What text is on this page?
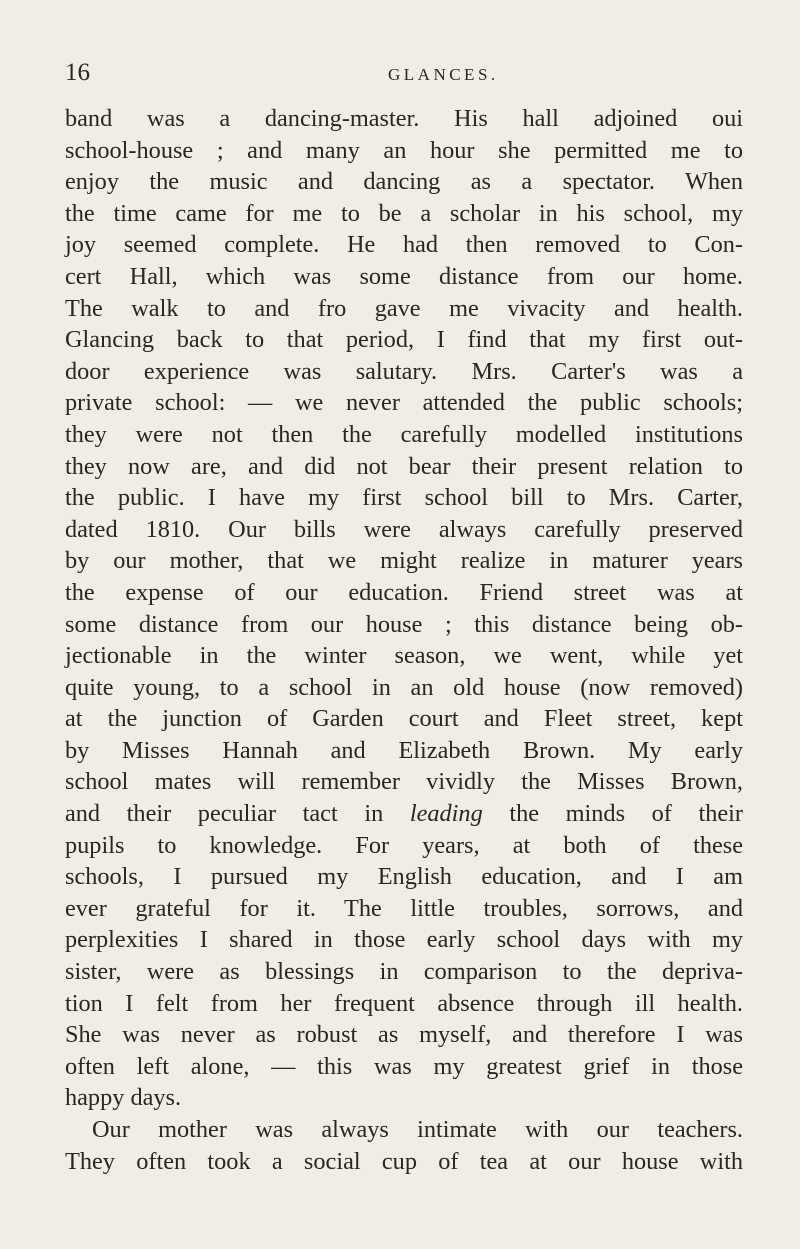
16	GLANCES.
band was a dancing-master. His hall adjoined oui
school-house ; and many an hour she permitted me to
enjoy the music and dancing as a spectator. When
the time came for me to be a scholar in his school, my
joy seemed complete. He had then removed to Con-
cert Hall, which was some distance from our home.
The walk to and fro gave me vivacity and health.
Glancing back to that period, I find that my first out-
door experience was salutary. Mrs. Carter's was a
private school: — we never attended the public schools;
they were not then the carefully modelled institutions
they now are, and did not bear their present relation to
the public. I have my first school bill to Mrs. Carter,
dated 1810. Our bills were always carefully preserved
by our mother, that we might realize in maturer years
the expense of our education. Friend street was at
some distance from our house ; this distance being ob-
jectionable in the winter season, we went, while yet
quite young, to a school in an old house (now removed)
at the junction of Garden court and Fleet street, kept
by Misses Hannah and Elizabeth Brown. My early
school mates will remember vividly the Misses Brown,
and their peculiar tact in leading the minds of their
pupils to knowledge. For years, at both of these
schools, I pursued my English education, and I am
ever grateful for it. The little troubles, sorrows, and
perplexities I shared in those early school days with my
sister, were as blessings in comparison to the depriva-
tion I felt from her frequent absence through ill health.
She was never as robust as myself, and therefore I was
often left alone, — this was my greatest grief in those
happy days.
Our mother was always intimate with our teachers.
They often took a social cup of tea at our house with
